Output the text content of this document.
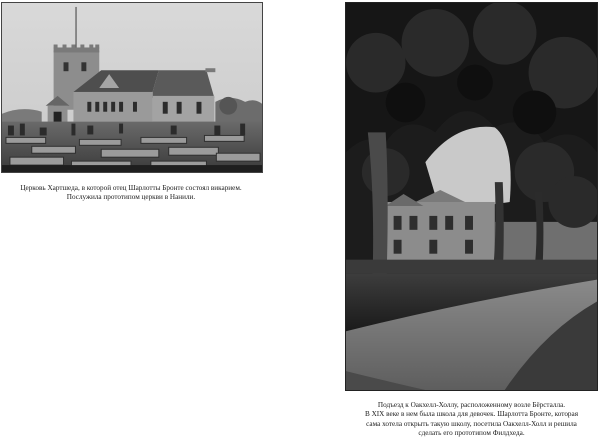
Церковь Хартшеда, в которой отец Шарлотты Бронте состоял викарием.
Послужила прототипом церкви в Нанили.
Подъезд к Оакхелл-Холлу, расположенному возле Бёрсталла.
В XIX веке в нем была школа для девочек. Шарлотта Бронте, которая
сама хотела открыть такую школу, посетила Оакхелл-Холл и решила
сделать его прототипом Филдхеда.
